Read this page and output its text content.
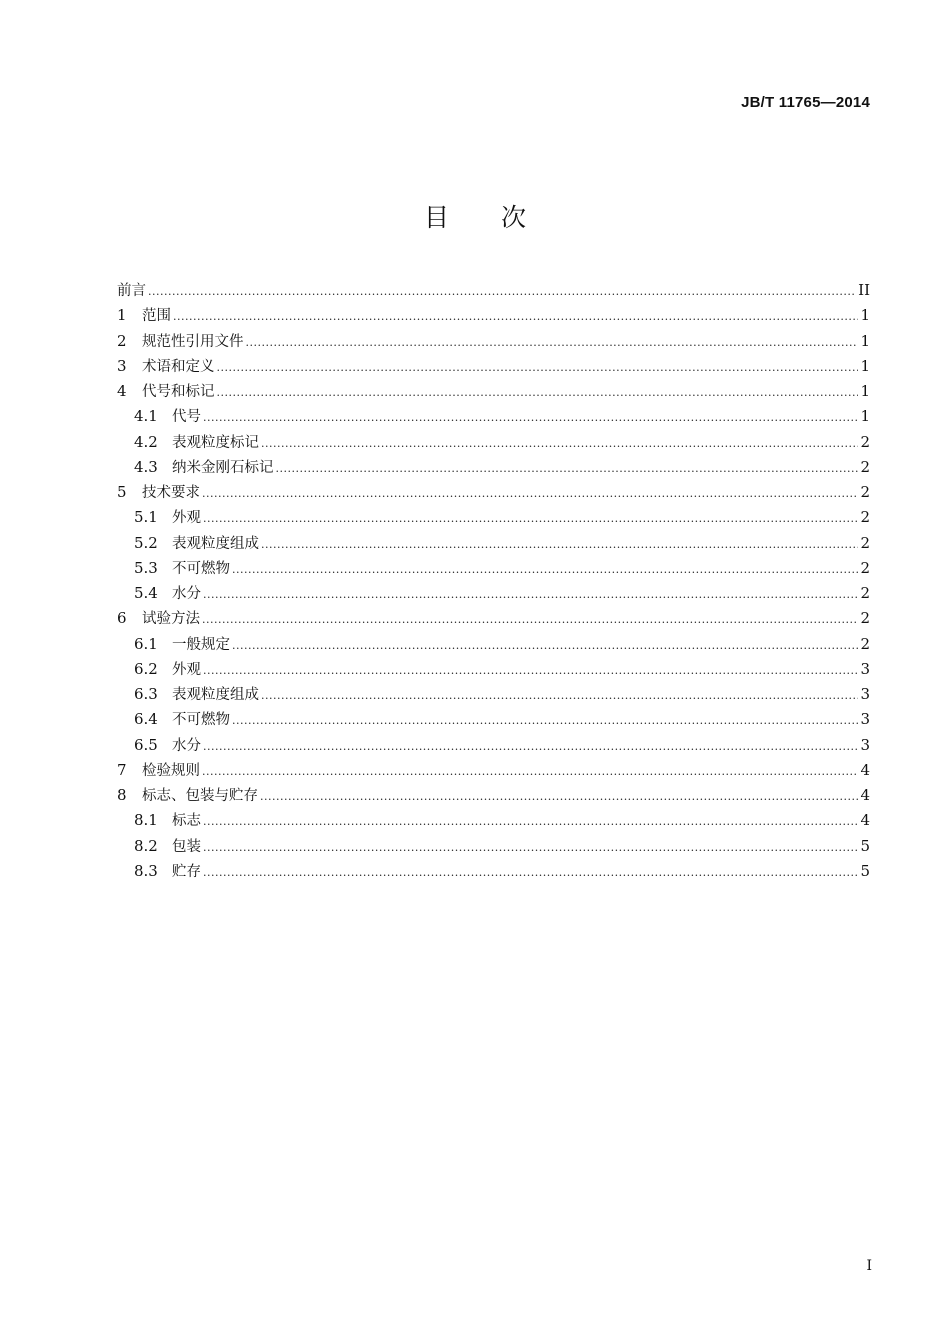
JB/T 11765—2014
目次
前言 .....	II
1	范围 .....	1
2	规范性引用文件 .....	1
3	术语和定义 .....	1
4	代号和标记 .....	1
4.1 代号 .....	1
4.2 表观粒度标记 .....	2
4.3 纳米金刚石标记 .....	2
5	技术要求 .....	2
5.1 外观 .....	2
5.2 表观粒度组成 .....	2
5.3 不可燃物 .....	2
5.4 水分 .....	2
6	试验方法 .....	2
6.1 一般规定 .....	2
6.2 外观 .....	3
6.3 表观粒度组成 .....	3
6.4 不可燃物 .....	3
6.5 水分 .....	3
7	检验规则 .....	4
8	标志、包装与贮存 .....	4
8.1 标志 .....	4
8.2 包装 .....	5
8.3 贮存 .....	5
I
